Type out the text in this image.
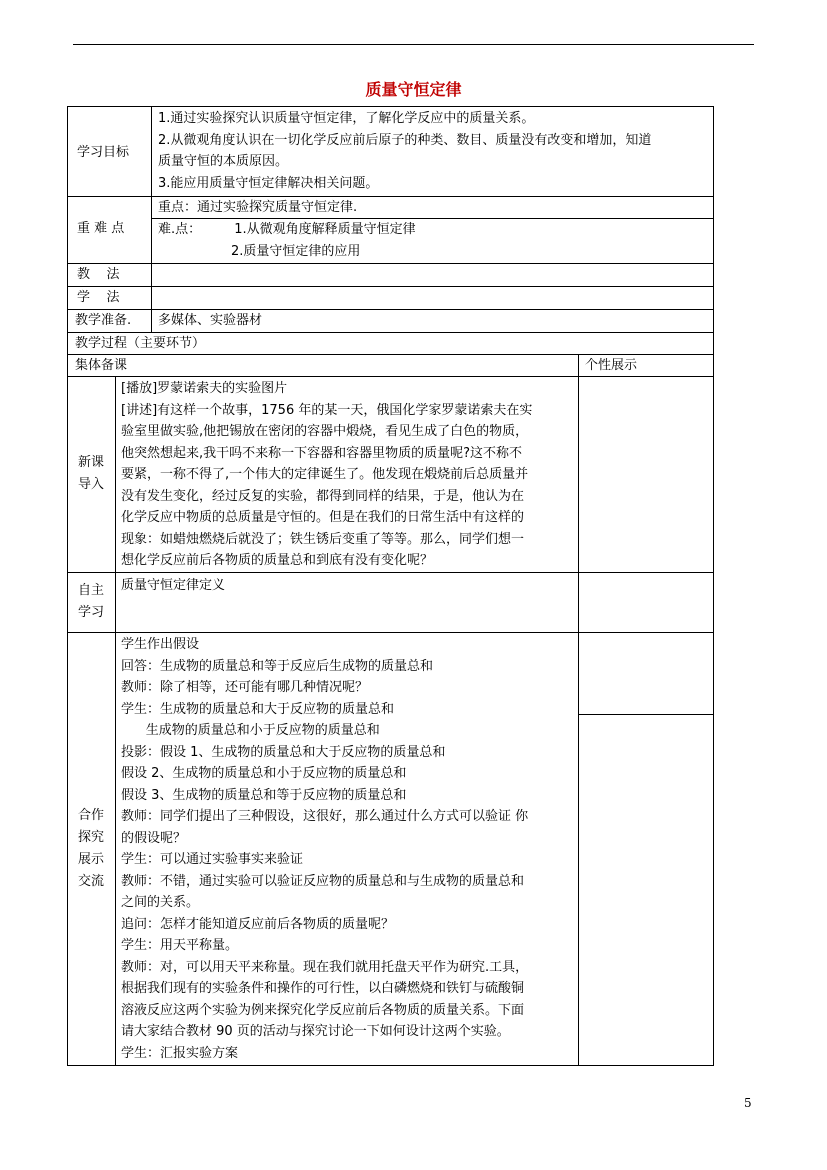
质量守恒定律
学习目标
1.通过实验探究认识质量守恒定律，了解化学反应中的质量关系。
2.从微观角度认识在一切化学反应前后原子的种类、数目、质量没有改变和增加，知道
质量守恒的本质原因。
3.能应用质量守恒定律解决相关问题。
重 难 点
重点：通过实验探究质量守恒定律.
难.点：        1.从微观角度解释质量守恒定律
2.质量守恒定律的应用
教    法
学    法
教学准备. 多媒体、实验器材
教学过程（主要环节）
集体备课	个性展示
新课
导入
[播放]罗蒙诺索夫的实验图片
[讲述]有这样一个故事，1756 年的某一天，俄国化学家罗蒙诺索夫在实
验室里做实验,他把锡放在密闭的容器中煅烧，看见生成了白色的物质，
他突然想起来,我干吗不来称一下容器和容器里物质的质量呢?这不称不
要紧，一称不得了,一个伟大的定律诞生了。他发现在煅烧前后总质量并
没有发生变化，经过反复的实验，都得到同样的结果，于是，他认为在
化学反应中物质的总质量是守恒的。但是在我们的日常生活中有这样的
现象：如蜡烛燃烧后就没了；铁生锈后变重了等等。那么，同学们想一
想化学反应前后各物质的质量总和到底有没有变化呢？
自主
学习
质量守恒定律定义
合作
探究
展示
交流
学生作出假设
回答：生成物的质量总和等于反应后生成物的质量总和
教师：除了相等，还可能有哪几种情况呢？
学生：生成物的质量总和大于反应物的质量总和
生成物的质量总和小于反应物的质量总和
投影：假设 1、生成物的质量总和大于反应物的质量总和
假设 2、生成物的质量总和小于反应物的质量总和
假设 3、生成物的质量总和等于反应物的质量总和
教师：同学们提出了三种假设，这很好，那么通过什么方式可以验证 你
的假设呢？
学生：可以通过实验事实来验证
教师：不错，通过实验可以验证反应物的质量总和与生成物的质量总和
之间的关系。
追问：怎样才能知道反应前后各物质的质量呢？
学生：用天平称量。
教师：对，可以用天平来称量。现在我们就用托盘天平作为研究.工具，
根据我们现有的实验条件和操作的可行性，以白磷燃烧和铁钉与硫酸铜
溶液反应这两个实验为例来探究化学反应前后各物质的质量关系。下面
请大家结合教材 90 页的活动与探究讨论一下如何设计这两个实验。
学生：汇报实验方案
5
